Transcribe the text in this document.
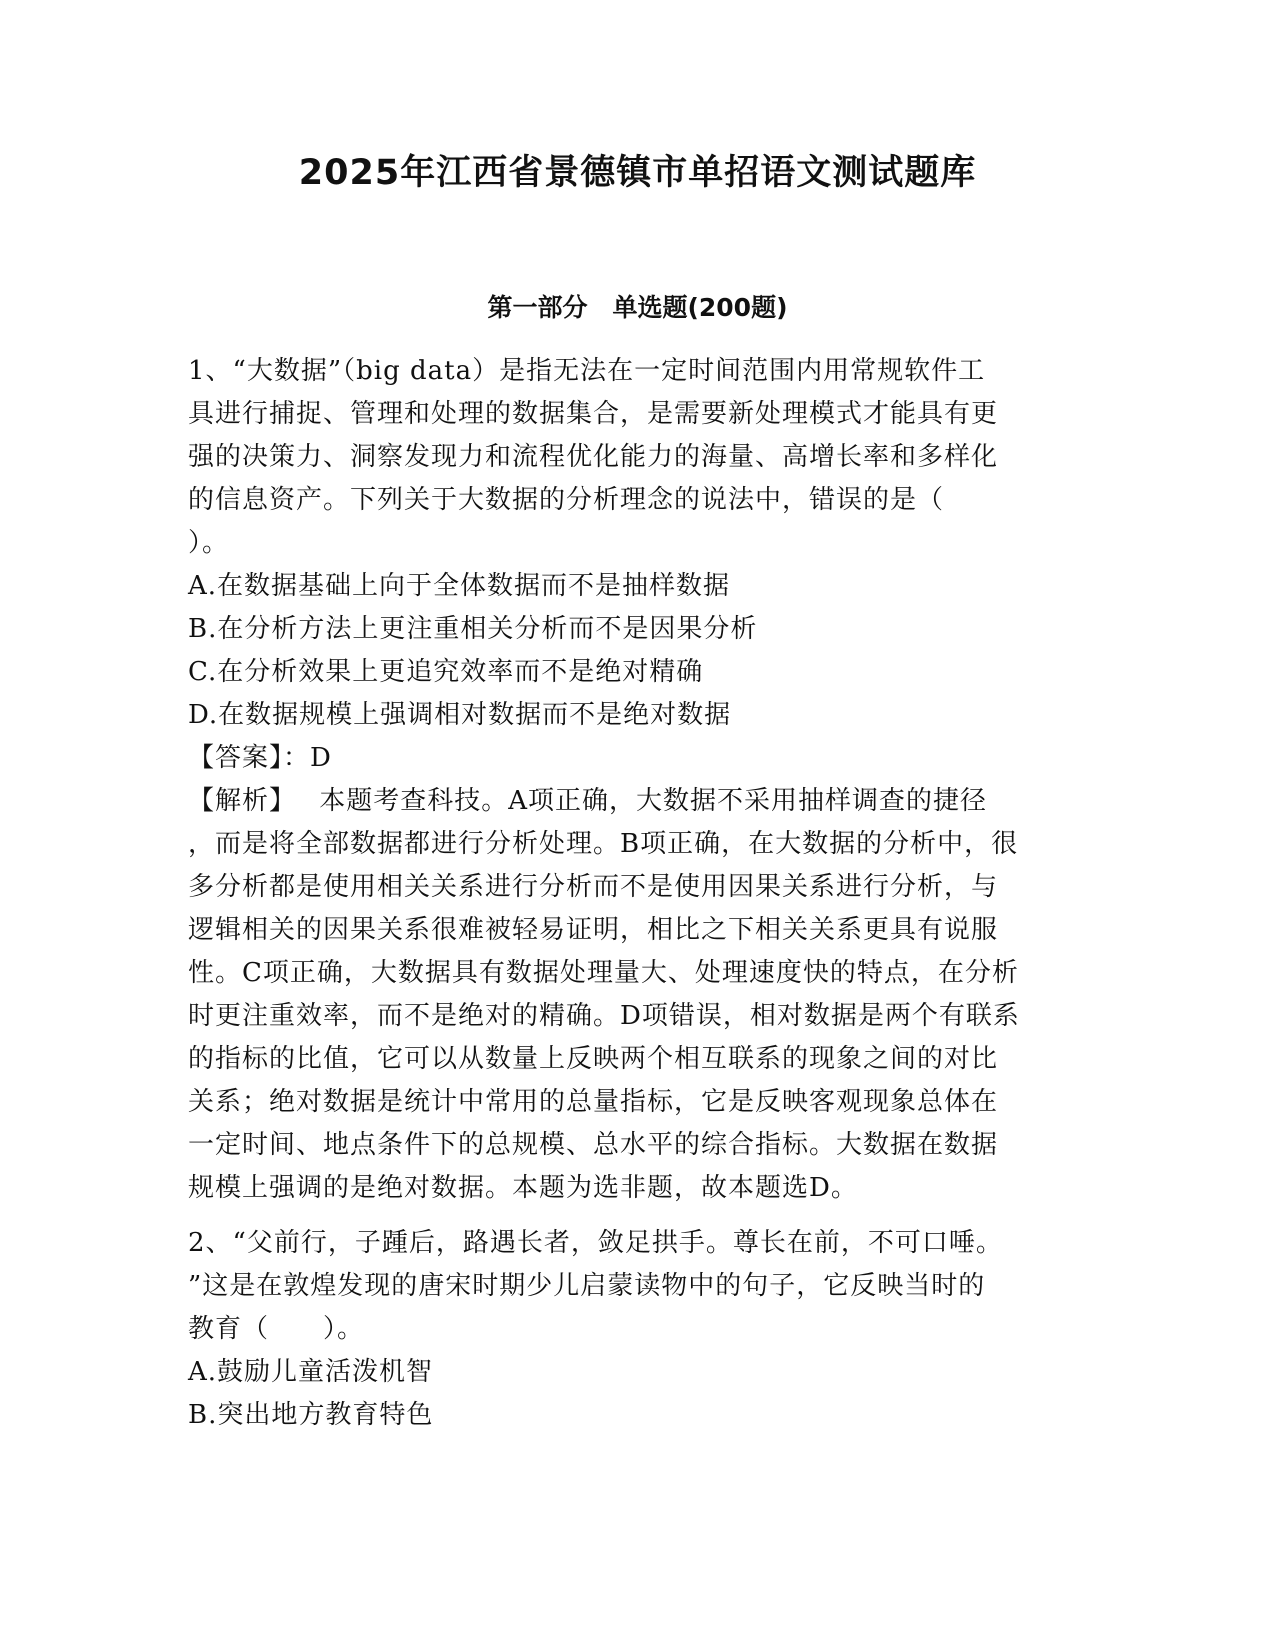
2025年江西省景德镇市单招语文测试题库
第一部分　单选题(200题)

1、“大数据”（big data）是指无法在一定时间范围内用常规软件工

具进行捕捉、管理和处理的数据集合，是需要新处理模式才能具有更

强的决策力、洞察发现力和流程优化能力的海量、高增长率和多样化

的信息资产。下列关于大数据的分析理念的说法中，错误的是（

）。

A.在数据基础上向于全体数据而不是抽样数据

B.在分析方法上更注重相关分析而不是因果分析

C.在分析效果上更追究效率而不是绝对精确

D.在数据规模上强调相对数据而不是绝对数据

【答案】：D

【解析】　 本题考查科技。A项正确，大数据不采用抽样调查的捷径

，而是将全部数据都进行分析处理。B项正确，在大数据的分析中，很

多分析都是使用相关关系进行分析而不是使用因果关系进行分析，与

逻辑相关的因果关系很难被轻易证明，相比之下相关关系更具有说服

性。C项正确，大数据具有数据处理量大、处理速度快的特点，在分析

时更注重效率，而不是绝对的精确。D项错误，相对数据是两个有联系

的指标的比值，它可以从数量上反映两个相互联系的现象之间的对比

关系；绝对数据是统计中常用的总量指标，它是反映客观现象总体在

一定时间、地点条件下的总规模、总水平的综合指标。大数据在数据

规模上强调的是绝对数据。本题为选非题，故本题选D。

2、“父前行，子踵后，路遇长者，敛足拱手。尊长在前，不可口唾。

”这是在敦煌发现的唐宋时期少儿启蒙读物中的句子，它反映当时的

教育（　　）。

A.鼓励儿童活泼机智

B.突出地方教育特色
